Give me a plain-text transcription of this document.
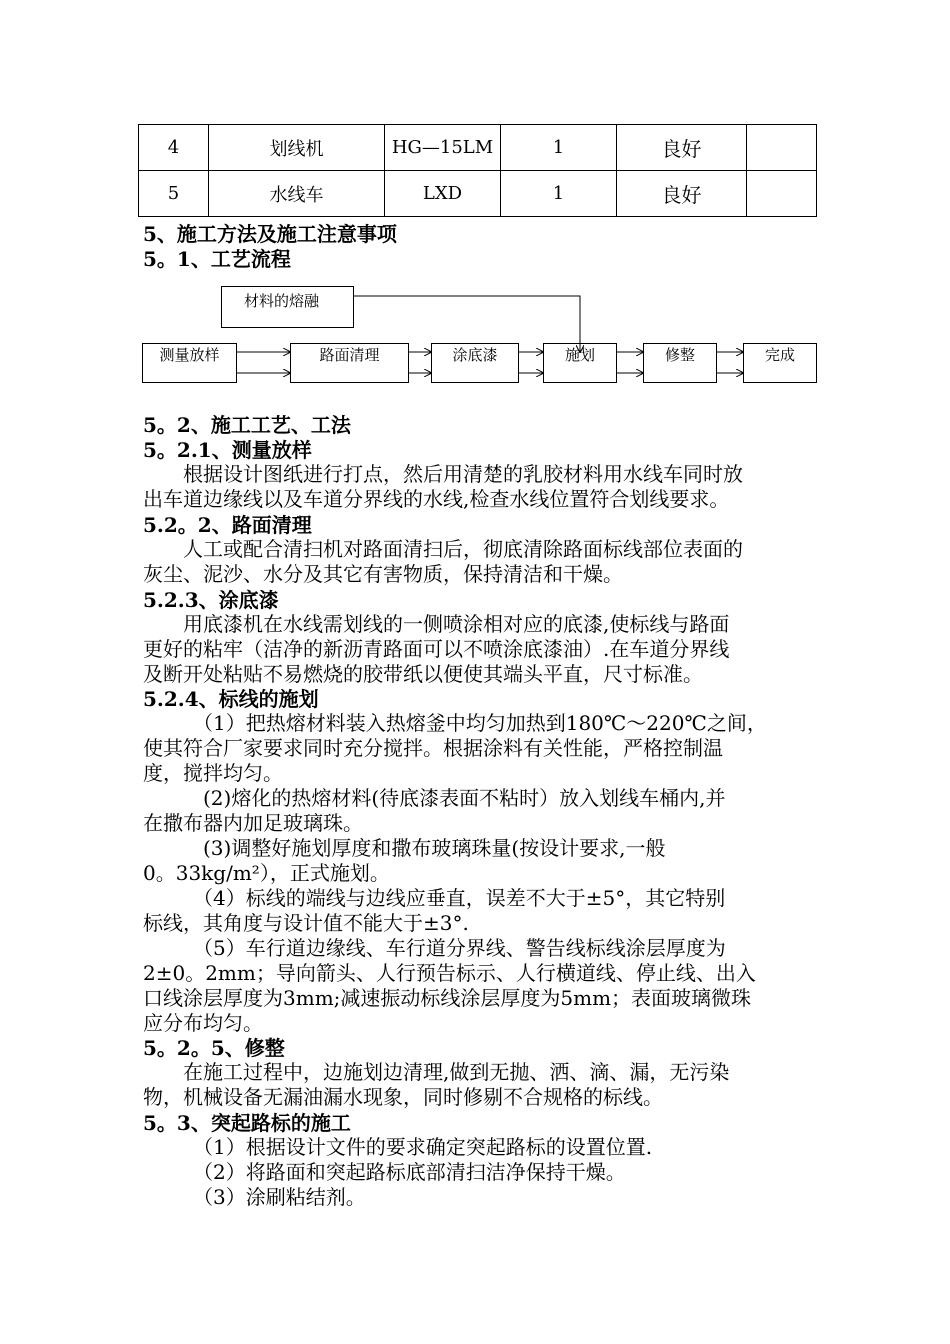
4	划线机	HG—15LM	1	良好	
5	水线车	LXD	1	良好	
5、施工方法及施工注意事项
5。1、工艺流程
材料的熔融
测量放样	路面清理	涂底漆	施划	修整	完成
5。2、施工工艺、工法
5。2.1、测量放样
　　根据设计图纸进行打点，然后用清楚的乳胶材料用水线车同时放
出车道边缘线以及车道分界线的水线,检查水线位置符合划线要求。
5.2。2、路面清理
　　人工或配合清扫机对路面清扫后，彻底清除路面标线部位表面的
灰尘、泥沙、水分及其它有害物质，保持清洁和干燥。
5.2.3、涂底漆
　　用底漆机在水线需划线的一侧喷涂相对应的底漆,使标线与路面
更好的粘牢（洁净的新沥青路面可以不喷涂底漆油）.在车道分界线
及断开处粘贴不易燃烧的胶带纸以便使其端头平直，尺寸标准。
5.2.4、标线的施划
　　　（1）把热熔材料装入热熔釜中均匀加热到180℃～220℃之间，
使其符合厂家要求同时充分搅拌。根据涂料有关性能，严格控制温
度，搅拌均匀。
　　　(2)熔化的热熔材料(待底漆表面不粘时）放入划线车桶内,并
在撒布器内加足玻璃珠。
　　　(3)调整好施划厚度和撒布玻璃珠量(按设计要求,一般
0。33kg/m²），正式施划。
　　　（4）标线的端线与边线应垂直，误差不大于±5°，其它特别
标线，其角度与设计值不能大于±3°.
　　　（5）车行道边缘线、车行道分界线、警告线标线涂层厚度为
2±0。2mm；导向箭头、人行预告标示、人行横道线、停止线、出入
口线涂层厚度为3mm;减速振动标线涂层厚度为5mm；表面玻璃微珠
应分布均匀。
5。2。5、修整
　　在施工过程中，边施划边清理,做到无抛、洒、滴、漏，无污染
物，机械设备无漏油漏水现象，同时修剔不合规格的标线。
5。3、突起路标的施工
　　　（1）根据设计文件的要求确定突起路标的设置位置.
　　　（2）将路面和突起路标底部清扫洁净保持干燥。
　　　（3）涂刷粘结剂。
